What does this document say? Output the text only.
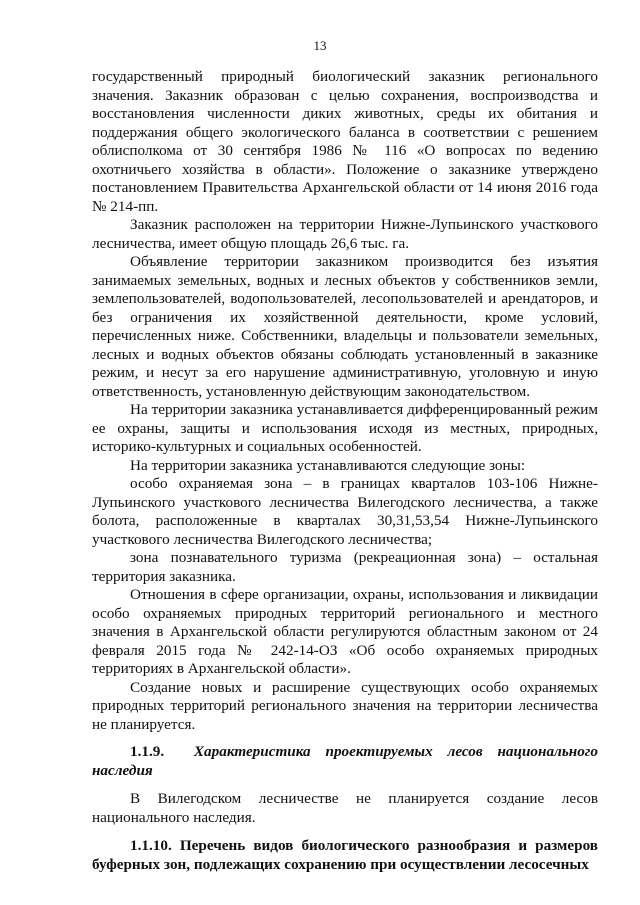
13

государственный природный биологический заказник регионального значения. Заказник образован с целью сохранения, воспроизводства и восстановления численности диких животных, среды их обитания и поддержания общего экологического баланса в соответствии с решением облисполкома от 30 сентября 1986 № 116 «О вопросах по ведению охотничьего хозяйства в области». Положение о заказнике утверждено постановлением Правительства Архангельской области от 14 июня 2016 года № 214-пп.

Заказник расположен на территории Нижне-Лупьинского участкового лесничества, имеет общую площадь 26,6 тыс. га.

Объявление территории заказником производится без изъятия занимаемых земельных, водных и лесных объектов у собственников земли, землепользователей, водопользователей, лесопользователей и арендаторов, и без ограничения их хозяйственной деятельности, кроме условий, перечисленных ниже. Собственники, владельцы и пользователи земельных, лесных и водных объектов обязаны соблюдать установленный в заказнике режим, и несут за его нарушение административную, уголовную и иную ответственность, установленную действующим законодательством.

На территории заказника устанавливается дифференцированный режим ее охраны, защиты и использования исходя из местных, природных, историко-культурных и социальных особенностей.

На территории заказника устанавливаются следующие зоны:

особо охраняемая зона – в границах кварталов 103-106 Нижне-Лупьинского участкового лесничества Вилегодского лесничества, а также болота, расположенные в кварталах 30,31,53,54 Нижне-Лупьинского участкового лесничества Вилегодского лесничества;

зона познавательного туризма (рекреационная зона) – остальная территория заказника.

Отношения в сфере организации, охраны, использования и ликвидации особо охраняемых природных территорий регионального и местного значения в Архангельской области регулируются областным законом от 24 февраля 2015 года № 242-14-ОЗ «Об особо охраняемых природных территориях в Архангельской области».

Создание новых и расширение существующих особо охраняемых природных территорий регионального значения на территории лесничества не планируется.

1.1.9. Характеристика проектируемых лесов национального наследия

В Вилегодском лесничестве не планируется создание лесов национального наследия.

1.1.10. Перечень видов биологического разнообразия и размеров буферных зон, подлежащих сохранению при осуществлении лесосечных
